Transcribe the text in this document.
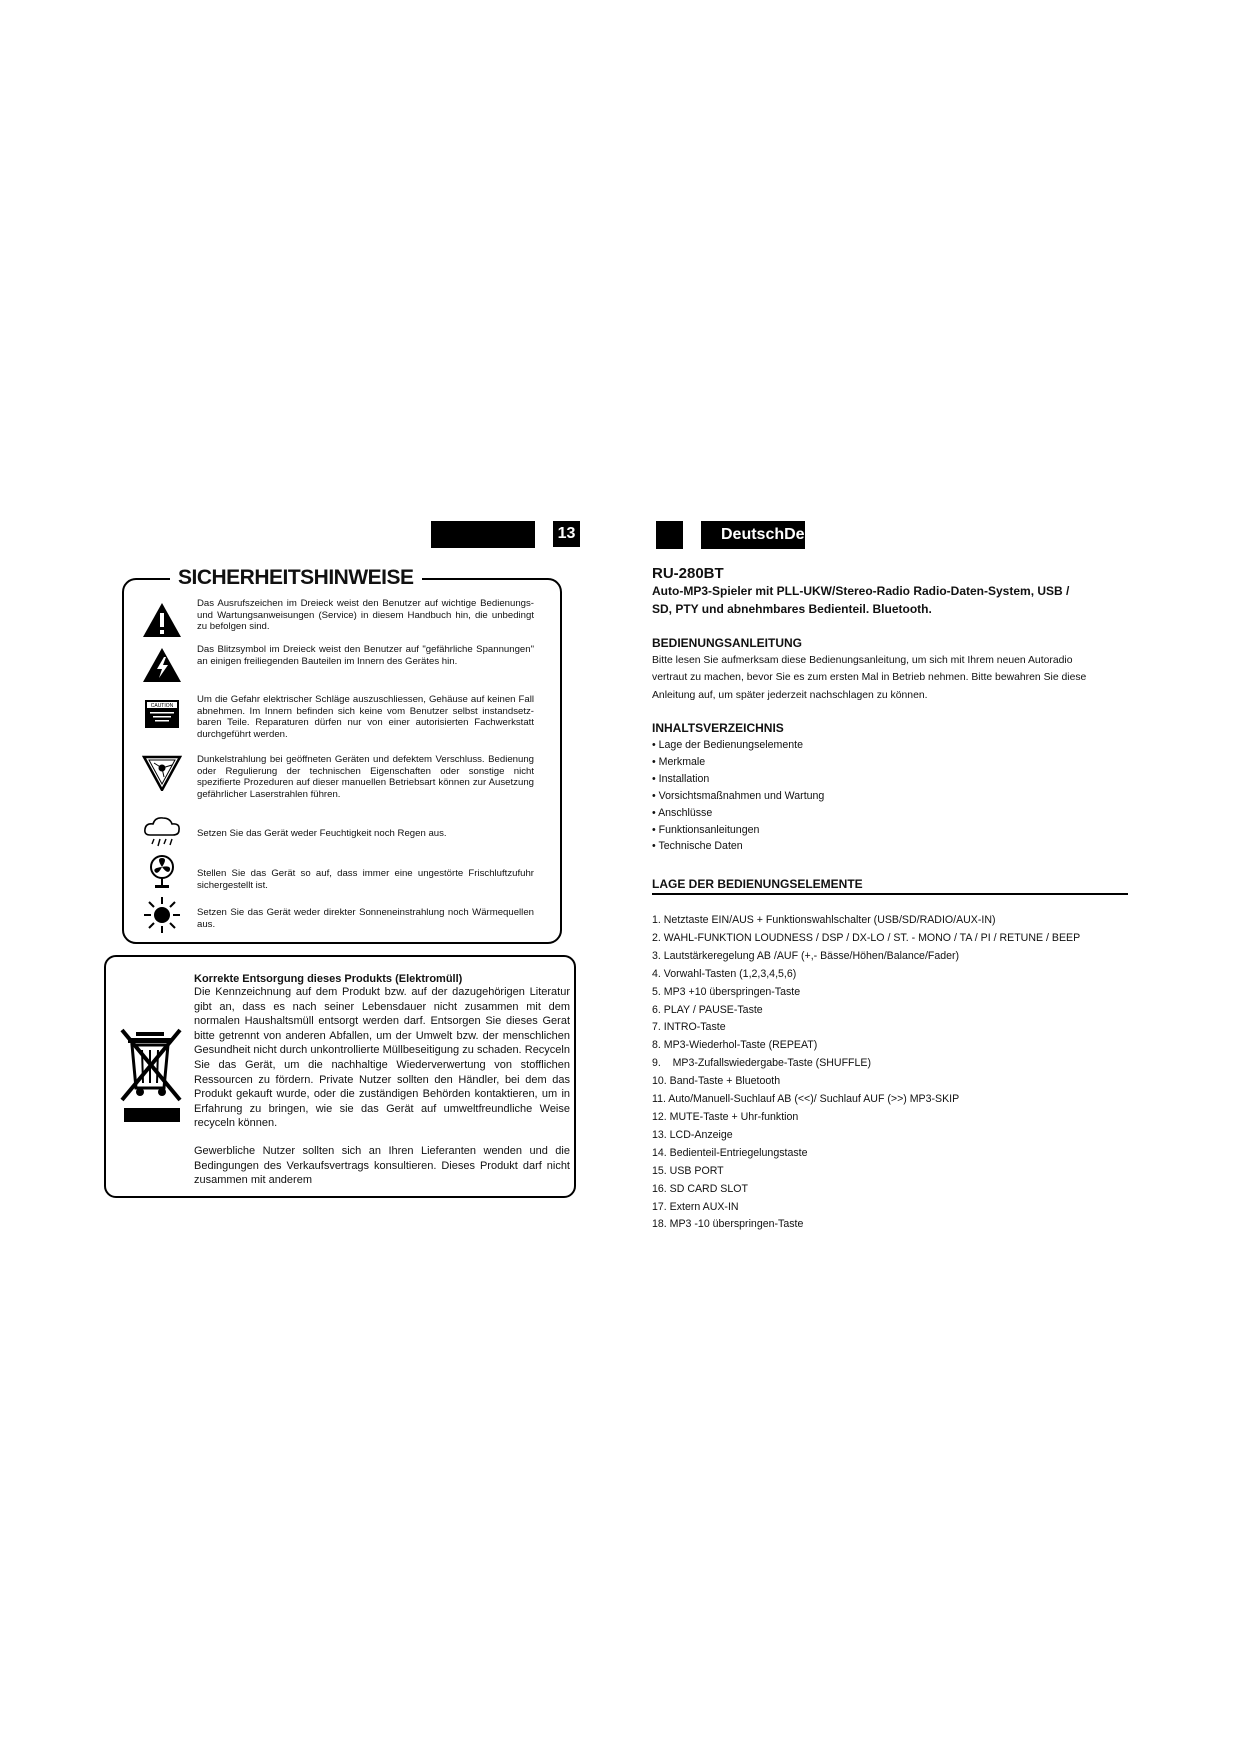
13	DeutschDe
SICHERHEITSHINWEISE
Das Ausrufszeichen im Dreieck weist den Benutzer auf wichtige Bedienungs- und Wartungsanweisungen (Service) in diesem Handbuch hin, die unbedingt zu befolgen sind.
Das Blitzsymbol im Dreieck weist den Benutzer auf "gefährliche Spannungen" an einigen freiliegenden Bauteilen im Innern des Gerätes hin.
CAUTION
Um die Gefahr elektrischer Schläge auszuschliessen, Gehäuse auf keinen Fall abnehmen. Im Innern befinden sich keine vom Benutzer selbst instandsetz-baren Teile. Reparaturen dürfen nur von einer autorisierten Fachwerkstatt durchgeführt werden.
Dunkelstrahlung bei geöffneten Geräten und defektem Verschluss. Bedienung oder Regulierung der technischen Eigenschaften oder sonstige nicht spezifierte Prozeduren auf dieser manuellen Betriebsart können zur Ausetzung gefährlicher Laserstrahlen führen.
Setzen Sie das Gerät weder Feuchtigkeit noch Regen aus.
Stellen Sie das Gerät so auf, dass immer eine ungestörte Frischluftzufuhr sichergestellt ist.
Setzen Sie das Gerät weder direkter Sonneneinstrahlung noch Wärmequellen aus.
Korrekte Entsorgung dieses Produkts (Elektromüll)
Die Kennzeichnung auf dem Produkt bzw. auf der dazugehörigen Literatur gibt an, dass es nach seiner Lebensdauer nicht zusammen mit dem normalen Haushaltsmüll entsorgt werden darf. Entsorgen Sie dieses Gerat bitte getrennt von anderen Abfallen, um der Umwelt bzw. der menschlichen Gesundheit nicht durch unkontrollierte Müllbeseitigung zu schaden. Recyceln Sie das Gerät, um die nachhaltige Wiederverwertung von stofflichen Ressourcen zu fördern. Private Nutzer sollten den Händler, bei dem das Produkt gekauft wurde, oder die zuständigen Behörden kontaktieren, um in Erfahrung zu bringen, wie sie das Gerät auf umweltfreundliche Weise recyceln können.
Gewerbliche Nutzer sollten sich an Ihren Lieferanten wenden und die Bedingungen des Verkaufsvertrags konsultieren. Dieses Produkt darf nicht zusammen mit anderem
RU-280BT
Auto-MP3-Spieler mit PLL-UKW/Stereo-Radio Radio-Daten-System, USB /
SD, PTY und abnehmbares Bedienteil. Bluetooth.
BEDIENUNGSANLEITUNG
Bitte lesen Sie aufmerksam diese Bedienungsanleitung, um sich mit Ihrem neuen Autoradio
vertraut zu machen, bevor Sie es zum ersten Mal in Betrieb nehmen. Bitte bewahren Sie diese
Anleitung auf, um später jederzeit nachschlagen zu können.
INHALTSVERZEICHNIS
• Lage der Bedienungselemente
• Merkmale
• Installation
• Vorsichtsmaßnahmen und Wartung
• Anschlüsse
• Funktionsanleitungen
• Technische Daten
LAGE DER BEDIENUNGSELEMENTE
1. Netztaste EIN/AUS + Funktionswahlschalter (USB/SD/RADIO/AUX-IN)
2. WAHL-FUNKTION LOUDNESS / DSP / DX-LO / ST. - MONO / TA / PI / RETUNE / BEEP
3. Lautstärkeregelung AB /AUF (+,- Bässe/Höhen/Balance/Fader)
4. Vorwahl-Tasten (1,2,3,4,5,6)
5. MP3 +10 überspringen-Taste
6. PLAY / PAUSE-Taste
7. INTRO-Taste
8. MP3-Wiederhol-Taste (REPEAT)
9.    MP3-Zufallswiedergabe-Taste (SHUFFLE)
10. Band-Taste + Bluetooth
11. Auto/Manuell-Suchlauf AB (<<)/ Suchlauf AUF (>>) MP3-SKIP
12. MUTE-Taste + Uhr-funktion
13. LCD-Anzeige
14. Bedienteil-Entriegelungstaste
15. USB PORT
16. SD CARD SLOT
17. Extern AUX-IN
18. MP3 -10 überspringen-Taste
